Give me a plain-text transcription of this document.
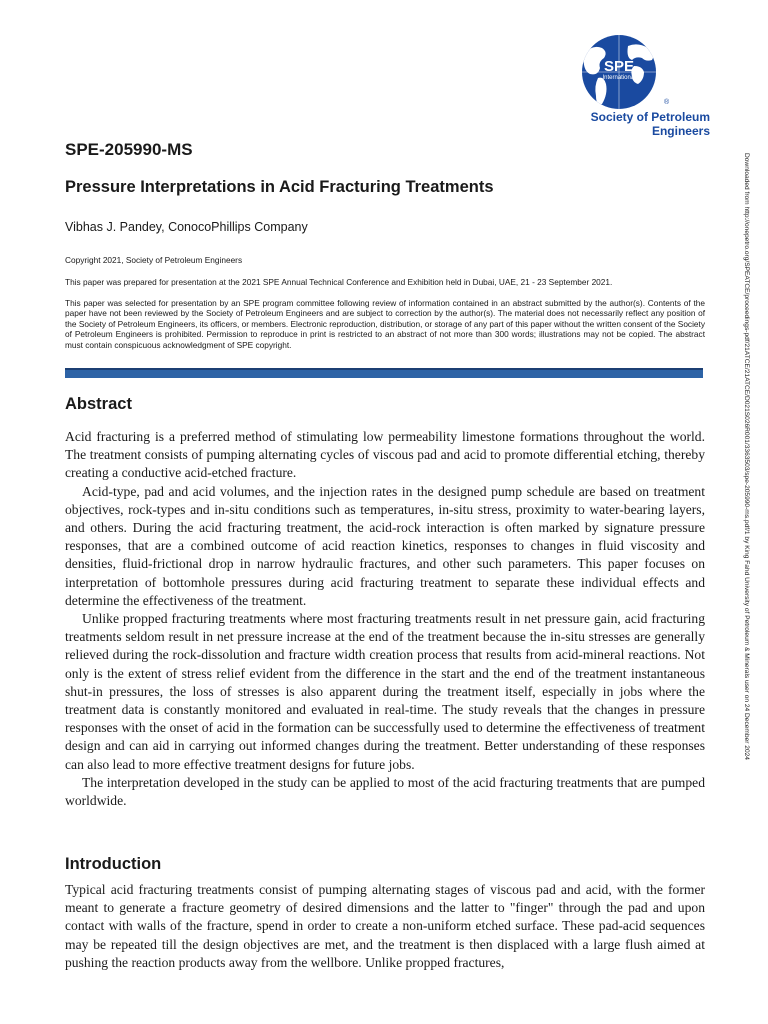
SPE
International
®
Society of Petroleum Engineers
SPE-205990-MS
Pressure Interpretations in Acid Fracturing Treatments

Vibhas J. Pandey, ConocoPhillips Company

Copyright 2021, Society of Petroleum Engineers

This paper was prepared for presentation at the 2021 SPE Annual Technical Conference and Exhibition held in Dubai, UAE, 21 - 23 September 2021.

This paper was selected for presentation by an SPE program committee following review of information contained in an abstract submitted by the author(s). Contents of the paper have not been reviewed by the Society of Petroleum Engineers and are subject to correction by the author(s). The material does not necessarily reflect any position of the Society of Petroleum Engineers, its officers, or members. Electronic reproduction, distribution, or storage of any part of this paper without the written consent of the Society of Petroleum Engineers is prohibited. Permission to reproduce in print is restricted to an abstract of not more than 300 words; illustrations may not be copied. The abstract must contain conspicuous acknowledgment of SPE copyright.

Abstract

Acid fracturing is a preferred method of stimulating low permeability limestone formations throughout the world. The treatment consists of pumping alternating cycles of viscous pad and acid to promote differential etching, thereby creating a conductive acid-etched fracture.

Acid-type, pad and acid volumes, and the injection rates in the designed pump schedule are based on treatment objectives, rock-types and in-situ conditions such as temperatures, in-situ stress, proximity to water-bearing layers, and others. During the acid fracturing treatment, the acid-rock interaction is often marked by signature pressure responses, that are a combined outcome of acid reaction kinetics, responses to changes in fluid viscosity and densities, fluid-frictional drop in narrow hydraulic fractures, and other such parameters. This paper focuses on interpretation of bottomhole pressures during acid fracturing treatment to separate these individual effects and determine the effectiveness of the treatment.

Unlike propped fracturing treatments where most fracturing treatments result in net pressure gain, acid fracturing treatments seldom result in net pressure increase at the end of the treatment because the in-situ stresses are generally relieved during the rock-dissolution and fracture width creation process that results from acid-mineral reactions. Not only is the extent of stress relief evident from the difference in the start and the end of the treatment instantaneous shut-in pressures, the loss of stresses is also apparent during the treatment itself, especially in jobs where the treatment data is constantly monitored and evaluated in real-time. The study reveals that the changes in pressure responses with the onset of acid in the formation can be successfully used to determine the effectiveness of treatment design and can aid in carrying out informed changes during the treatment. Better understanding of these responses can also lead to more effective treatment designs for future jobs.

The interpretation developed in the study can be applied to most of the acid fracturing treatments that are pumped worldwide.

Introduction

Typical acid fracturing treatments consist of pumping alternating stages of viscous pad and acid, with the former meant to generate a fracture geometry of desired dimensions and the latter to "finger" through the pad and upon contact with walls of the fracture, spend in order to create a non-uniform etched surface. These pad-acid sequences may be repeated till the design objectives are met, and the treatment is then displaced with a large flush aimed at pushing the reaction products away from the wellbore. Unlike propped fractures,

Downloaded from http://onepetro.org/SPEATCE/proceedings-pdf/21ATCE/21ATCE/D021S026R001/3363503/spe-205990-ms.pdf/1 by King Fahd University of Petroleum & Minerals user on 24 December 2024
